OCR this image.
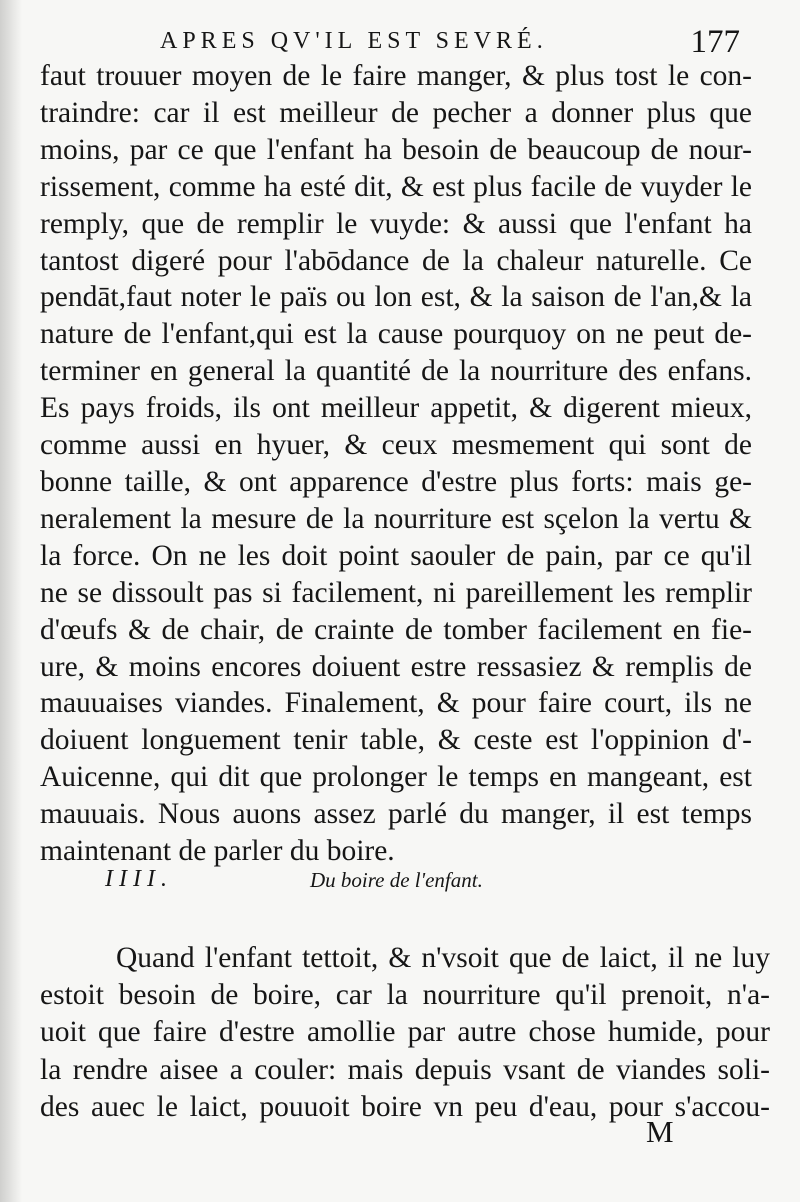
APRES QV'IL EST SEVRÉ.	177
faut trouuer moyen de le faire manger, & plus tost le con-
traindre: car il est meilleur de pecher a donner plus que
moins, par ce que l'enfant ha besoin de beaucoup de nour-
rissement, comme ha esté dit, & est plus facile de vuyder le
remply, que de remplir le vuyde: & aussi que l'enfant ha
tantost digeré pour l'abōdance de la chaleur naturelle. Ce
pendāt,faut noter le païs ou lon est, & la saison de l'an,& la
nature de l'enfant,qui est la cause pourquoy on ne peut de-
terminer en general la quantité de la nourriture des enfans.
Es pays froids, ils ont meilleur appetit, & digerent mieux,
comme aussi en hyuer, & ceux mesmement qui sont de
bonne taille, & ont apparence d'estre plus forts: mais ge-
neralement la mesure de la nourriture est sçelon la vertu &
la force. On ne les doit point saouler de pain, par ce qu'il
ne se dissoult pas si facilement, ni pareillement les remplir
d'œufs & de chair, de crainte de tomber facilement en fie-
ure, & moins encores doiuent estre ressasiez & remplis de
mauuaises viandes. Finalement, & pour faire court, ils ne
doiuent longuement tenir table, & ceste est l'oppinion d'-
Auicenne, qui dit que prolonger le temps en mangeant, est
mauuais. Nous auons assez parlé du manger, il est temps
maintenant de parler du boire.
IIII.	Du boire de l'enfant.
Quand l'enfant tettoit, & n'vsoit que de laict, il ne luy
estoit besoin de boire, car la nourriture qu'il prenoit, n'a-
uoit que faire d'estre amollie par autre chose humide, pour
la rendre aisee a couler: mais depuis vsant de viandes soli-
des auec le laict, pouuoit boire vn peu d'eau, pour s'accou-
M
